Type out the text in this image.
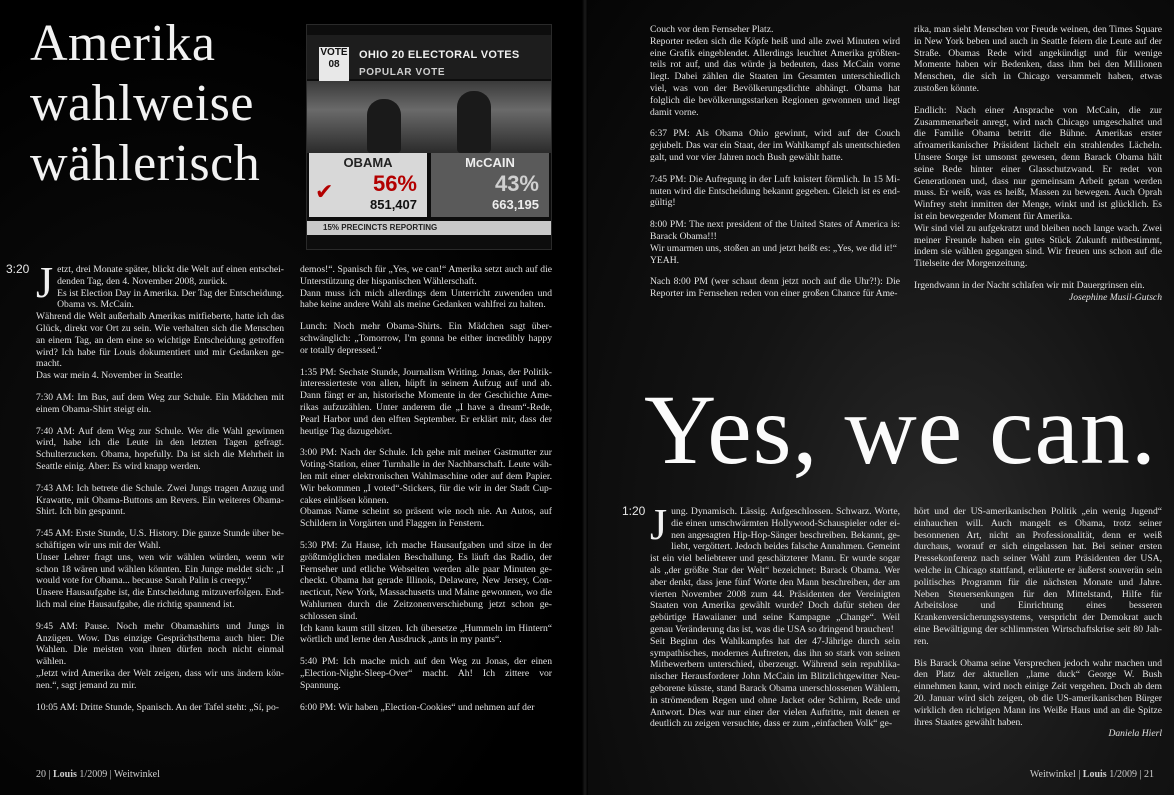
Amerika
wahlweise
wählerisch
VOTE
08
OHIO 20 ELECTORAL VOTES
POPULAR VOTE
OBAMA
✔ 56%
851,407
McCAIN
43%
663,195
15% PRECINCTS REPORTING
3:20 Jetzt, drei Monate später, blickt die Welt auf einen entscheidenden Tag, den 4. November 2008, zurück.
Es ist Election Day in Amerika. Der Tag der Entscheidung. Obama vs. McCain.
Während die Welt außerhalb Amerikas mitfieberte, hatte ich das Glück, direkt vor Ort zu sein. Wie verhalten sich die Menschen an einem Tag, an dem eine so wichtige Entscheidung getroffen wird? Ich habe für Louis dokumentiert und mir Gedanken gemacht.
Das war mein 4. November in Seattle:

7:30 AM: Im Bus, auf dem Weg zur Schule. Ein Mädchen mit einem Obama-Shirt steigt ein.

7:40 AM: Auf dem Weg zur Schule. Wer die Wahl gewinnen wird, habe ich die Leute in den letzten Tagen gefragt. Schulterzucken. Obama, hopefully. Da ist sich die Mehrheit in Seattle einig. Aber: Es wird knapp werden.

7:43 AM: Ich betrete die Schule. Zwei Jungs tragen Anzug und Krawatte, mit Obama-Buttons am Revers. Ein weiteres Obama-Shirt. Ich bin gespannt.

7:45 AM: Erste Stunde, U.S. History. Die ganze Stunde über beschäftigen wir uns mit der Wahl.
Unser Lehrer fragt uns, wen wir wählen würden, wenn wir schon 18 wären und wählen könnten. Ein Junge meldet sich: „I would vote for Obama... because Sarah Palin is creepy.“
Unsere Hausaufgabe ist, die Entscheidung mitzuverfolgen. Endlich mal eine Hausaufgabe, die richtig spannend ist.

9:45 AM: Pause. Noch mehr Obamashirts und Jungs in Anzügen. Wow. Das einzige Gesprächsthema auch hier: Die Wahlen. Die meisten von ihnen dürfen noch nicht einmal wählen.
„Jetzt wird Amerika der Welt zeigen, dass wir uns ändern können.“, sagt jemand zu mir.

10:05 AM: Dritte Stunde, Spanisch. An der Tafel steht: „Sí, po-

demos!“. Spanisch für „Yes, we can!“ Amerika setzt auch auf die Unterstützung der hispanischen Wählerschaft.
Dann muss ich mich allerdings dem Unterricht zuwenden und habe keine andere Wahl als meine Gedanken wahlfrei zu halten.

Lunch: Noch mehr Obama-Shirts. Ein Mädchen sagt überschwänglich: „Tomorrow, I'm gonna be either incredibly happy or totally depressed.“

1:35 PM: Sechste Stunde, Journalism Writing. Jonas, der Politikinteressierteste von allen, hüpft in seinem Aufzug auf und ab. Dann fängt er an, historische Momente in der Geschichte Amerikas aufzuzählen. Unter anderem die „I have a dream“-Rede, Pearl Harbor und den elften September. Er erklärt mir, dass der heutige Tag dazugehört.

3:00 PM: Nach der Schule. Ich gehe mit meiner Gastmutter zur Voting-Station, einer Turnhalle in der Nachbarschaft. Leute wählen mit einer elektronischen Wahlmaschine oder auf dem Papier. Wir bekommen „I voted“-Stickers, für die wir in der Stadt Cupcakes einlösen können.
Obamas Name scheint so präsent wie noch nie. An Autos, auf Schildern in Vorgärten und Flaggen in Fenstern.

5:30 PM: Zu Hause, ich mache Hausaufgaben und sitze in der größtmöglichen medialen Beschallung. Es läuft das Radio, der Fernseher und etliche Webseiten werden alle paar Minuten gecheckt. Obama hat gerade Illinois, Delaware, New Jersey, Connecticut, New York, Massachusetts und Maine gewonnen, wo die Wahlurnen durch die Zeitzonenverschiebung jetzt schon geschlossen sind.
Ich kann kaum still sitzen. Ich übersetze „Hummeln im Hintern“ wörtlich und lerne den Ausdruck „ants in my pants“.

5:40 PM: Ich mache mich auf den Weg zu Jonas, der einen „Election-Night-Sleep-Over“ macht. Ah! Ich zittere vor Spannung.

6:00 PM: Wir haben „Election-Cookies“ und nehmen auf der

20 | Louis 1/2009 | Weitwinkel

Couch vor dem Fernseher Platz.
Reporter reden sich die Köpfe heiß und alle zwei Minuten wird eine Grafik eingeblendet. Allerdings leuchtet Amerika größtenteils rot auf, und das würde ja bedeuten, dass McCain vorne liegt. Dabei zählen die Staaten im Gesamten unterschiedlich viel, was von der Bevölkerungsdichte abhängt. Obama hat folglich die bevölkerungsstarken Regionen gewonnen und liegt damit vorne.

6:37 PM: Als Obama Ohio gewinnt, wird auf der Couch gejubelt. Das war ein Staat, der im Wahlkampf als unentschieden galt, und vor vier Jahren noch Bush gewählt hatte.

7:45 PM: Die Aufregung in der Luft knistert förmlich. In 15 Minuten wird die Entscheidung bekannt gegeben. Gleich ist es endgültig!

8:00 PM: The next president of the United States of America is: Barack Obama!!!
Wir umarmen uns, stoßen an und jetzt heißt es: „Yes, we did it!“
YEAH.

Nach 8:00 PM (wer schaut denn jetzt noch auf die Uhr?!): Die Reporter im Fernsehen reden von einer großen Chance für Ame-

rika, man sieht Menschen vor Freude weinen, den Times Square in New York beben und auch in Seattle feiern die Leute auf der Straße. Obamas Rede wird angekündigt und für wenige Momente haben wir Bedenken, dass ihm bei den Millionen Menschen, die sich in Chicago versammelt haben, etwas zustoßen könnte.

Endlich: Nach einer Ansprache von McCain, die zur Zusammenarbeit anregt, wird nach Chicago umgeschaltet und die Familie Obama betritt die Bühne. Amerikas erster afroamerikanischer Präsident lächelt ein strahlendes Lächeln. Unsere Sorge ist umsonst gewesen, denn Barack Obama hält seine Rede hinter einer Glasschutzwand. Er redet von Generationen und, dass nur gemeinsam Arbeit getan werden muss. Er weiß, was es heißt, Massen zu bewegen. Auch Oprah Winfrey steht inmitten der Menge, winkt und ist glücklich. Es ist ein bewegender Moment für Amerika.
Wir sind viel zu aufgekratzt und bleiben noch lange wach. Zwei meiner Freunde haben ein gutes Stück Zukunft mitbestimmt, indem sie wählen gegangen sind. Wir freuen uns schon auf die Titelseite der Morgenzeitung.

Irgendwann in der Nacht schlafen wir mit Dauergrinsen ein.

Josephine Musil-Gutsch
Yes, we can.
1:20 Jung. Dynamisch. Lässig. Aufgeschlossen. Schwarz. Worte, die einen umschwärmten Hollywood-Schauspieler oder einen angesagten Hip-Hop-Sänger beschreiben. Bekannt, geliebt, vergöttert. Jedoch beides falsche Annahmen. Gemeint ist ein viel beliebterer und geschätzterer Mann. Er wurde sogar als „der größte Star der Welt“ bezeichnet: Barack Obama. Wer aber denkt, dass jene fünf Worte den Mann beschreiben, der am vierten November 2008 zum 44. Präsidenten der Vereinigten Staaten von Amerika gewählt wurde? Doch dafür stehen der gebürtige Hawaiianer und seine Kampagne „Change“. Weil genau Veränderung das ist, was die USA so dringend brauchen!
Seit Beginn des Wahlkampfes hat der 47-Jährige durch sein sympathisches, modernes Auftreten, das ihn so stark von seinen Mitbewerbern unterschied, überzeugt. Während sein republikanischer Herausforderer John McCain im Blitzlichtgewitter Neugeborene küsste, stand Barack Obama unerschlossenen Wählern, in strömendem Regen und ohne Jacket oder Schirm, Rede und Antwort. Dies war nur einer der vielen Auftritte, mit denen er deutlich zu zeigen versuchte, dass er zum „einfachen Volk“ ge-

hört und der US-amerikanischen Politik „ein wenig Jugend“ einhauchen will. Auch mangelt es Obama, trotz seiner besonnenen Art, nicht an Professionalität, denn er weiß durchaus, worauf er sich eingelassen hat. Bei seiner ersten Pressekonferenz nach seiner Wahl zum Präsidenten der USA, welche in Chicago stattfand, erläuterte er äußerst souverän sein politisches Programm für die nächsten Monate und Jahre. Neben Steuersenkungen für den Mittelstand, Hilfe für Arbeitslose und Einrichtung eines besseren Krankenversicherungssystems, verspricht der Demokrat auch eine Bewältigung der schlimmsten Wirtschaftskrise seit 80 Jahren.

Bis Barack Obama seine Versprechen jedoch wahr machen und den Platz der aktuellen „lame duck“ George W. Bush einnehmen kann, wird noch einige Zeit vergehen. Doch ab dem 20. Januar wird sich zeigen, ob die US-amerikanischen Bürger wirklich den richtigen Mann ins Weiße Haus und an die Spitze ihres Staates gewählt haben.

Daniela Hierl
Weitwinkel | Louis 1/2009 | 21
